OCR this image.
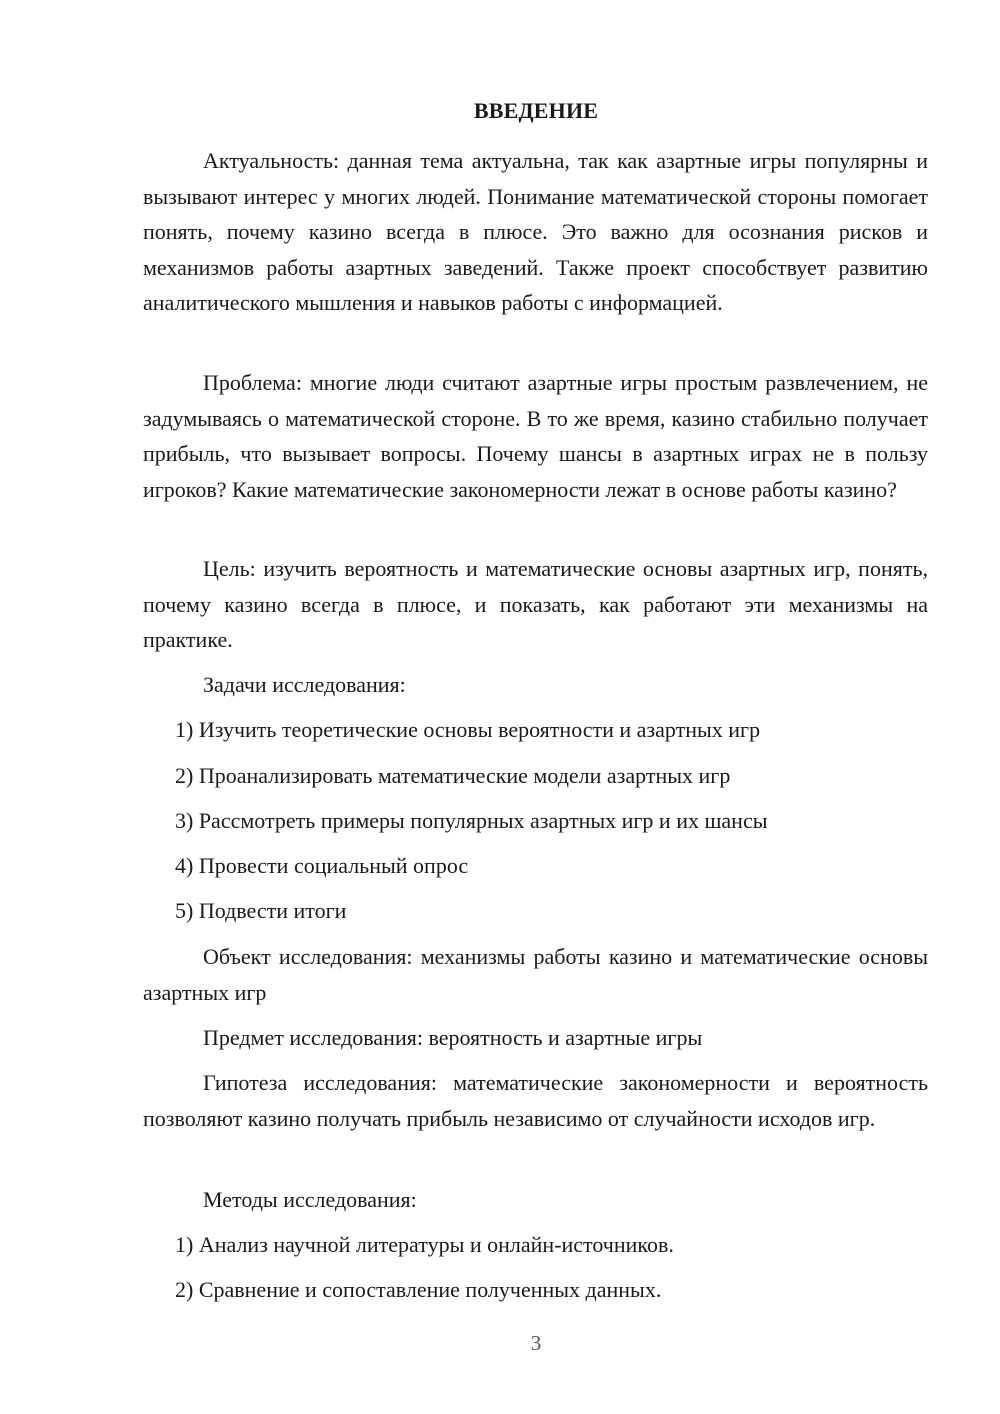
ВВЕДЕНИЕ

Актуальность: данная тема актуальна, так как азартные игры популярны и вызывают интерес у многих людей. Понимание математической стороны помогает понять, почему казино всегда в плюсе. Это важно для осознания рисков и механизмов работы азартных заведений. Также проект способствует развитию аналитического мышления и навыков работы с информацией.

Проблема: многие люди считают азартные игры простым развлечением, не задумываясь о математической стороне. В то же время, казино стабильно получает прибыль, что вызывает вопросы. Почему шансы в азартных играх не в пользу игроков? Какие математические закономерности лежат в основе работы казино?

Цель: изучить вероятность и математические основы азартных игр, понять, почему казино всегда в плюсе, и показать, как работают эти механизмы на практике.

Задачи исследования:

1) Изучить теоретические основы вероятности и азартных игр

2) Проанализировать математические модели азартных игр

3) Рассмотреть примеры популярных азартных игр и их шансы

4) Провести социальный опрос

5) Подвести итоги

Объект исследования: механизмы работы казино и математические основы азартных игр

Предмет исследования: вероятность и азартные игры

Гипотеза исследования: математические закономерности и вероятность позволяют казино получать прибыль независимо от случайности исходов игр.

Методы исследования:

1) Анализ научной литературы и онлайн-источников.

2) Сравнение и сопоставление полученных данных.

3
